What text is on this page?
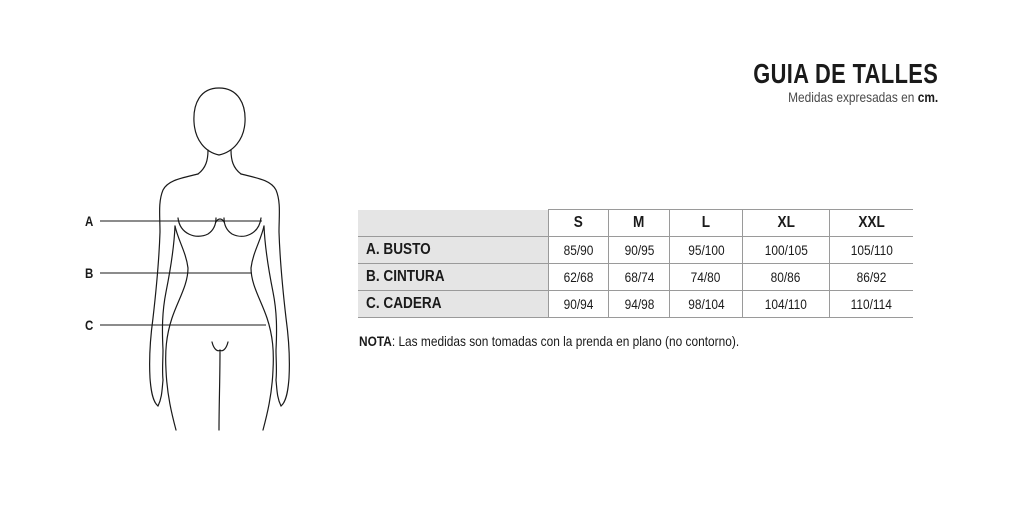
A
B
C
GUIA DE TALLES
Medidas expresadas en cm.
	S	M	L	XL	XXL
A. BUSTO	85/90	90/95	95/100	100/105	105/110
B. CINTURA	62/68	68/74	74/80	80/86	86/92
C. CADERA	90/94	94/98	98/104	104/110	110/114
NOTA: Las medidas son tomadas con la prenda en plano (no contorno).
